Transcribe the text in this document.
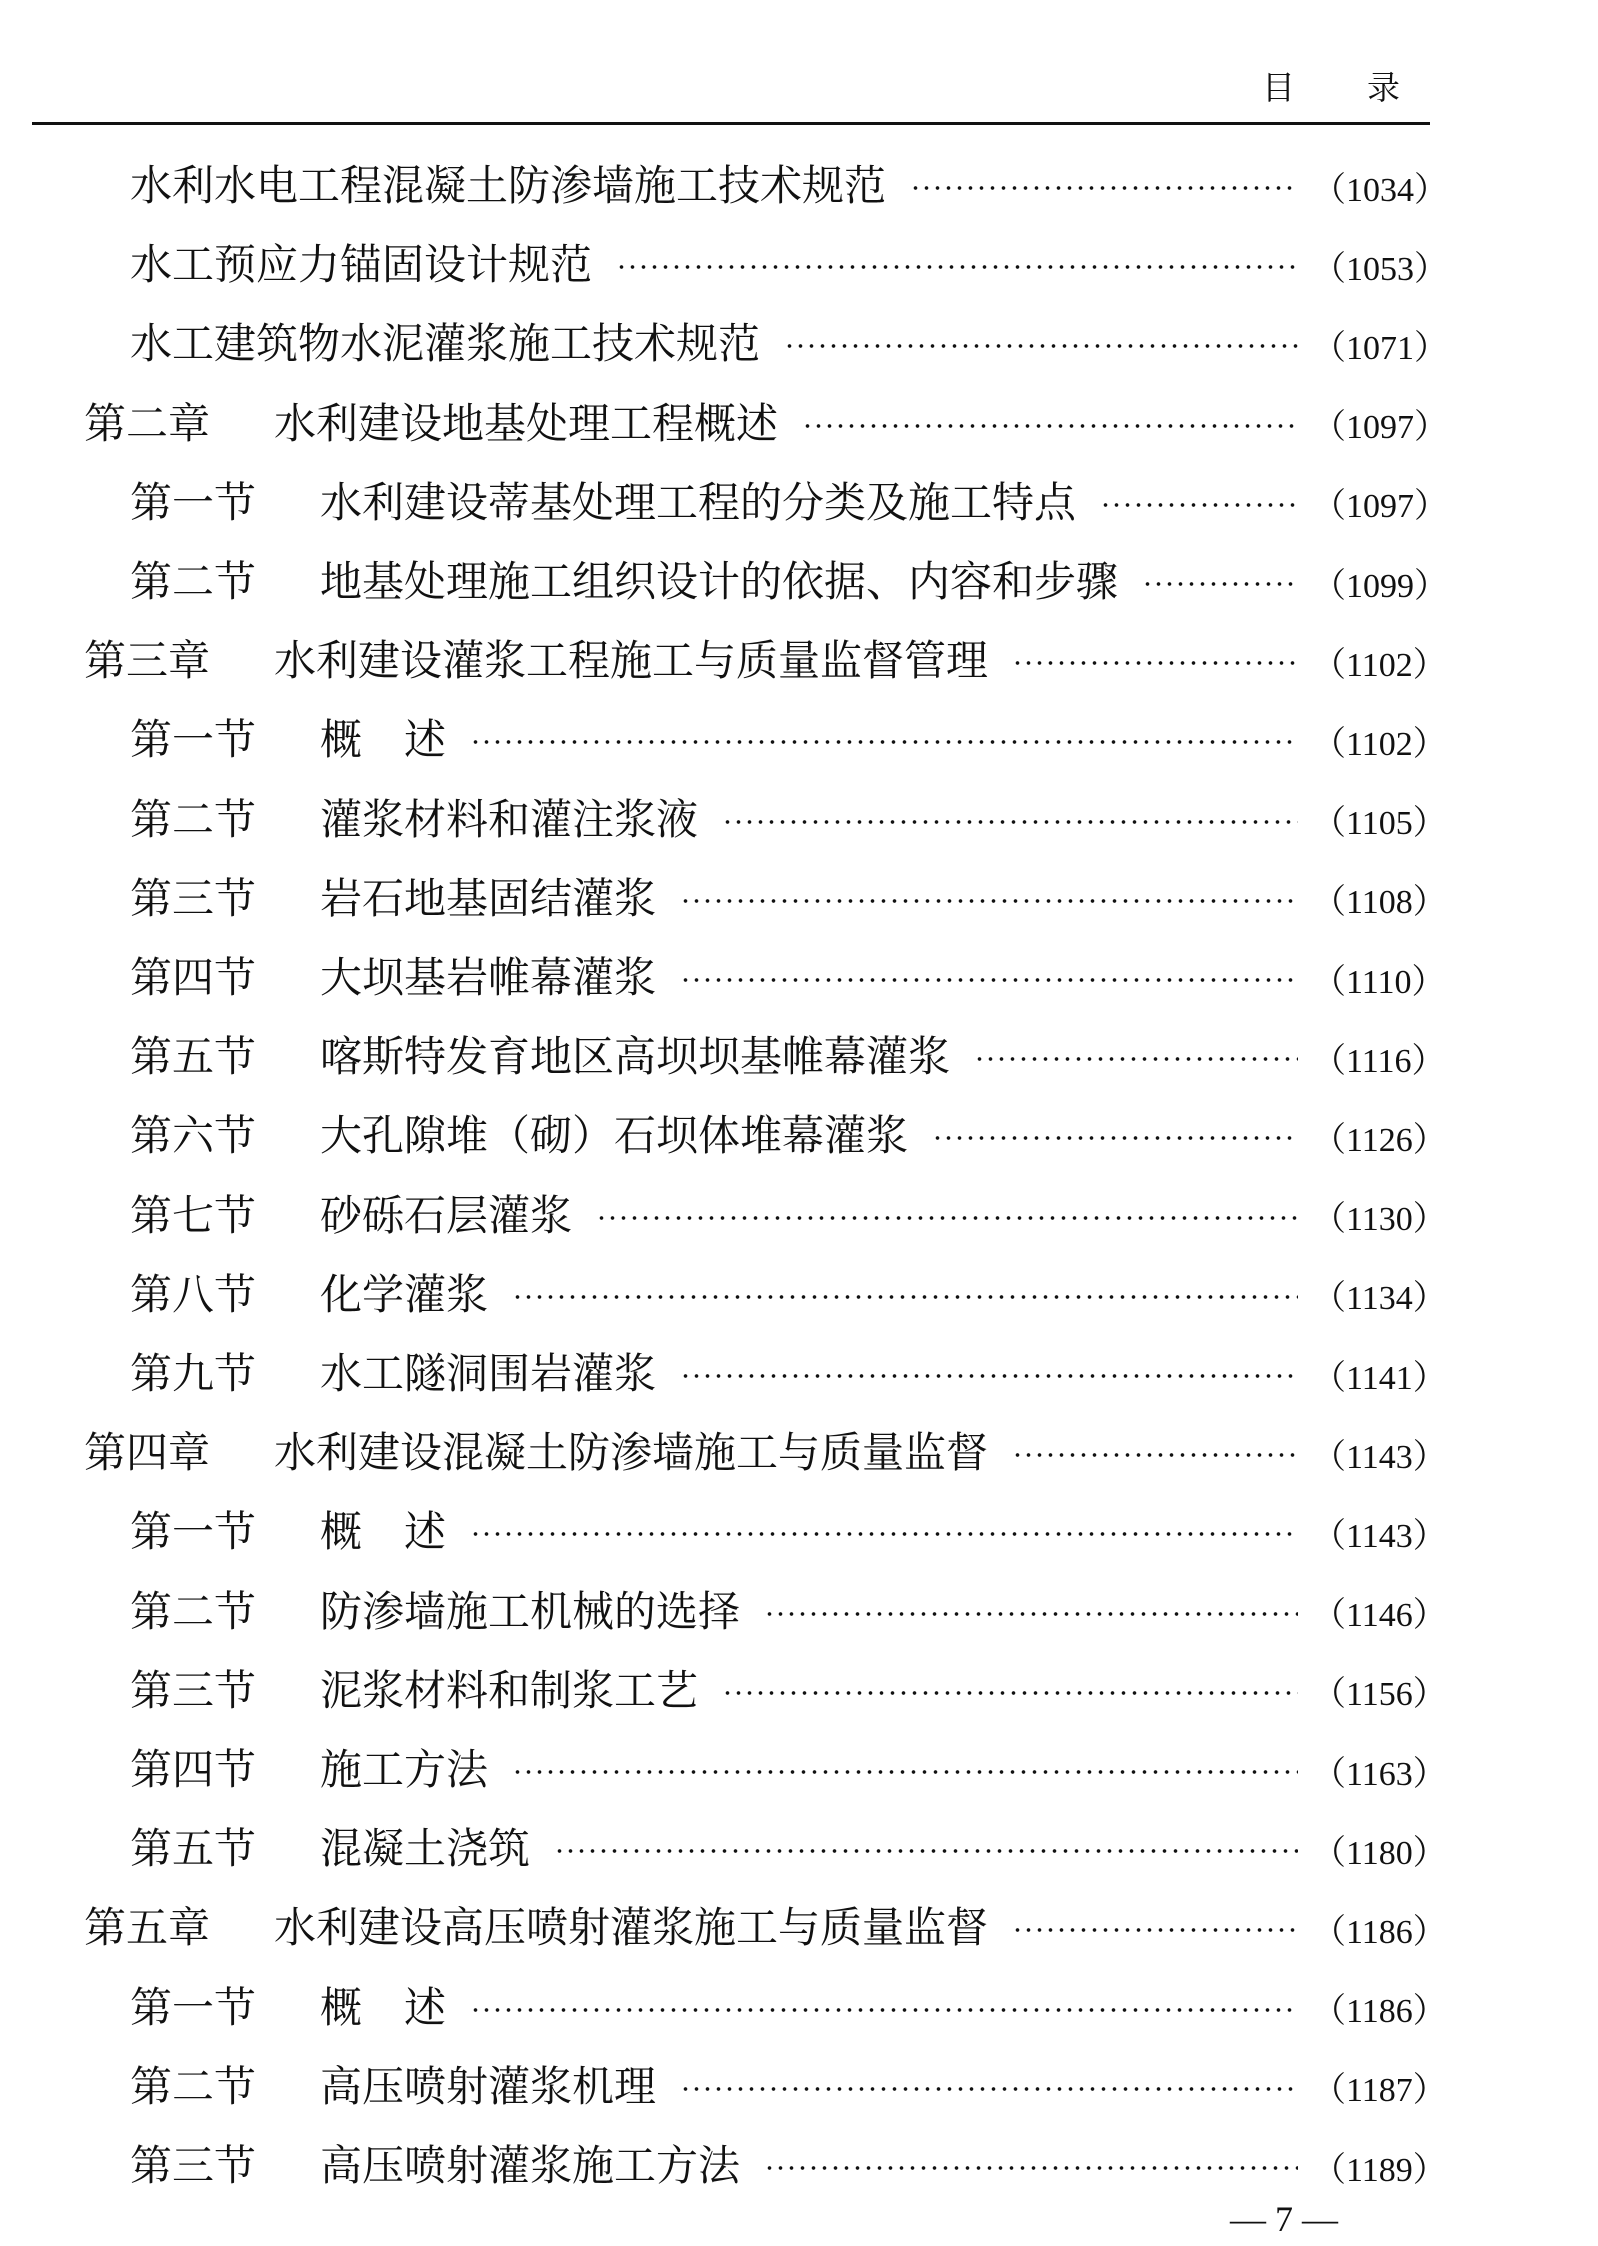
目　　录
水利水电工程混凝土防渗墙施工技术规范	（1034）
水工预应力锚固设计规范	（1053）
水工建筑物水泥灌浆施工技术规范	（1071）
第二章	水利建设地基处理工程概述	（1097）
第一节	水利建设蒂基处理工程的分类及施工特点	（1097）
第二节	地基处理施工组织设计的依据、内容和步骤	（1099）
第三章	水利建设灌浆工程施工与质量监督管理	（1102）
第一节	概　述	（1102）
第二节	灌浆材料和灌注浆液	（1105）
第三节	岩石地基固结灌浆	（1108）
第四节	大坝基岩帷幕灌浆	（1110）
第五节	喀斯特发育地区高坝坝基帷幕灌浆	（1116）
第六节	大孔隙堆（砌）石坝体堆幕灌浆	（1126）
第七节	砂砾石层灌浆	（1130）
第八节	化学灌浆	（1134）
第九节	水工隧洞围岩灌浆	（1141）
第四章	水利建设混凝土防渗墙施工与质量监督	（1143）
第一节	概　述	（1143）
第二节	防渗墙施工机械的选择	（1146）
第三节	泥浆材料和制浆工艺	（1156）
第四节	施工方法	（1163）
第五节	混凝土浇筑	（1180）
第五章	水利建设高压喷射灌浆施工与质量监督	（1186）
第一节	概　述	（1186）
第二节	高压喷射灌浆机理	（1187）
第三节	高压喷射灌浆施工方法	（1189）
— 7 —
